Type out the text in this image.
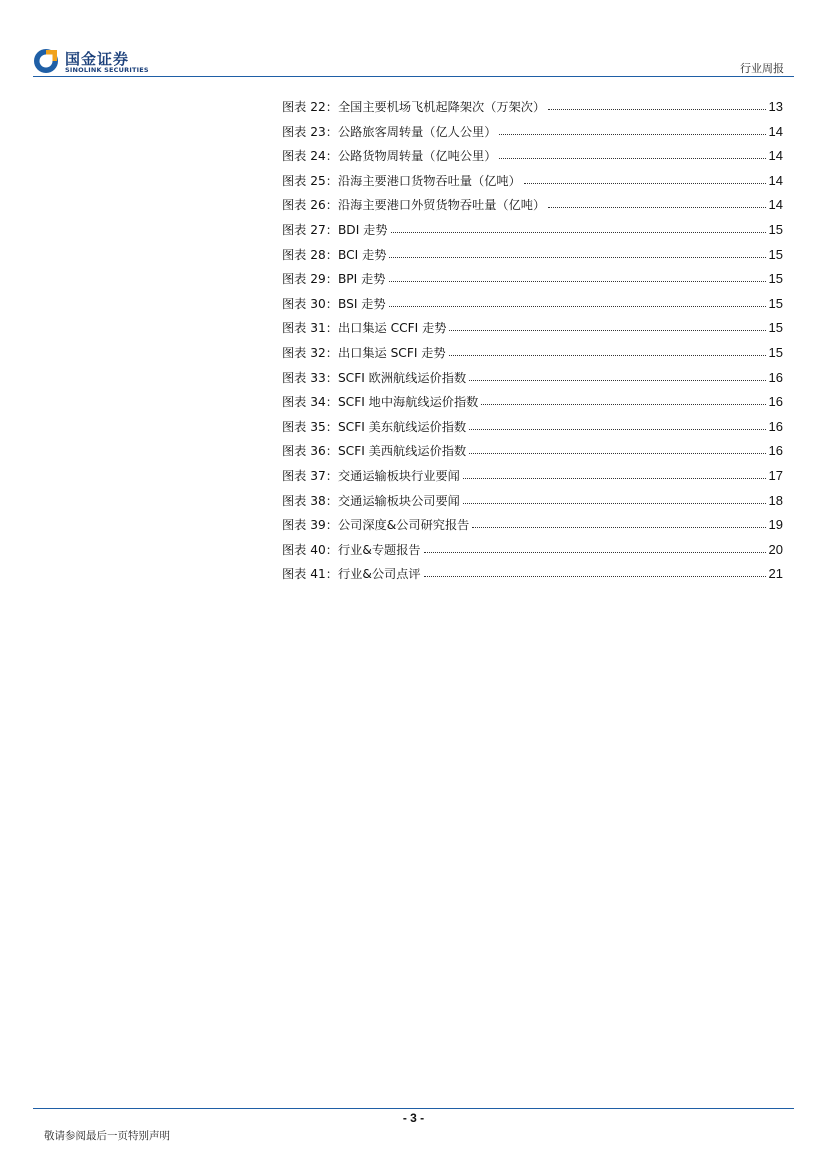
国金证券
SINOLINK SECURITIES	行业周报
图表 22：全国主要机场飞机起降架次（万架次）	13
图表 23：公路旅客周转量（亿人公里）	14
图表 24：公路货物周转量（亿吨公里）	14
图表 25：沿海主要港口货物吞吐量（亿吨）	14
图表 26：沿海主要港口外贸货物吞吐量（亿吨）	14
图表 27：BDI 走势	15
图表 28：BCI 走势	15
图表 29：BPI 走势	15
图表 30：BSI 走势	15
图表 31：出口集运 CCFI 走势	15
图表 32：出口集运 SCFI 走势	15
图表 33：SCFI 欧洲航线运价指数	16
图表 34：SCFI 地中海航线运价指数	16
图表 35：SCFI 美东航线运价指数	16
图表 36：SCFI 美西航线运价指数	16
图表 37：交通运输板块行业要闻	17
图表 38：交通运输板块公司要闻	18
图表 39：公司深度&公司研究报告	19
图表 40：行业&专题报告	20
图表 41：行业&公司点评	21
- 3 -
敬请参阅最后一页特别声明
